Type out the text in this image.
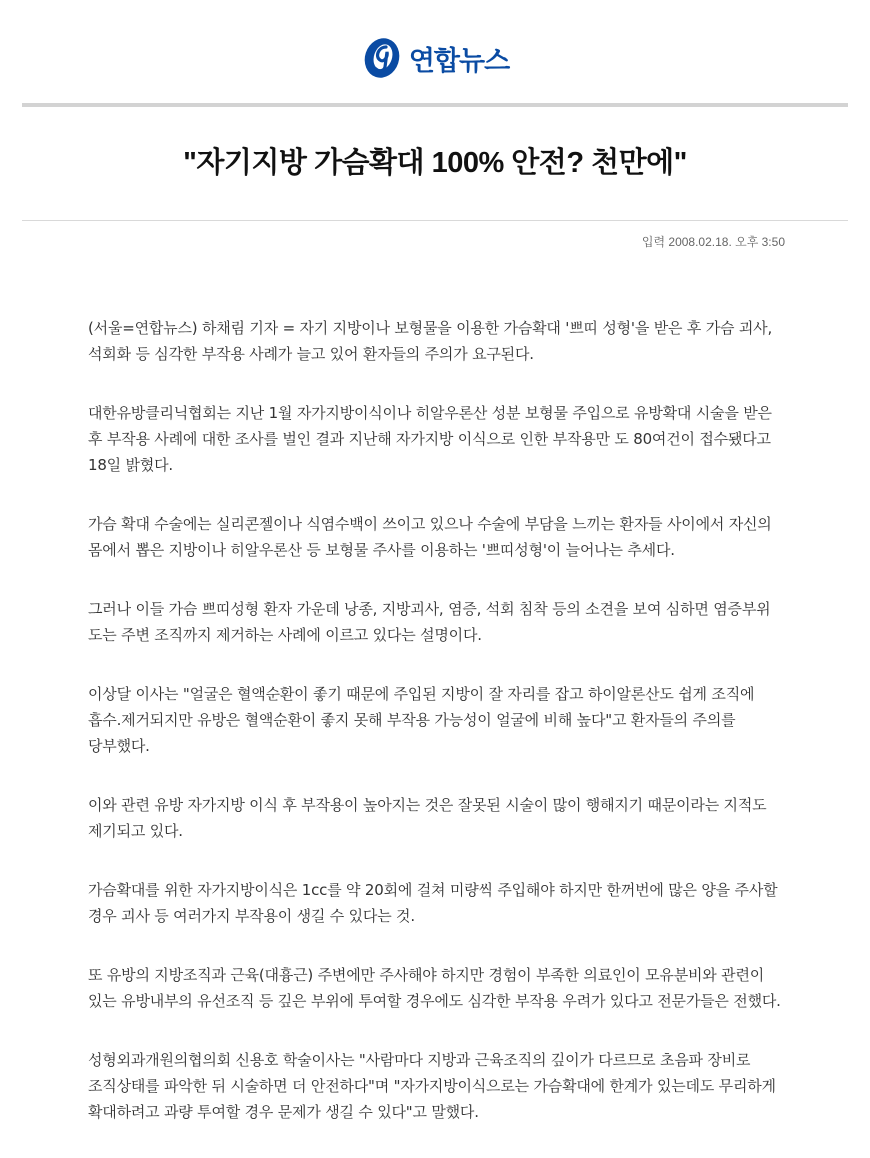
연합뉴스
"자기지방 가슴확대 100% 안전? 천만에"
입력 2008.02.18. 오후 3:50

(서울=연합뉴스) 하채림 기자 = 자기 지방이나 보형물을 이용한 가슴확대 '쁘띠 성형'을 받은 후 가슴 괴사, 석회화 등 심각한 부작용 사례가 늘고 있어 환자들의 주의가 요구된다.

대한유방클리닉협회는 지난 1월 자가지방이식이나 히알우론산 성분 보형물 주입으로 유방확대 시술을 받은 후 부작용 사례에 대한 조사를 벌인 결과 지난해 자가지방 이식으로 인한 부작용만 도 80여건이 접수됐다고 18일 밝혔다.

가슴 확대 수술에는 실리콘젤이나 식염수백이 쓰이고 있으나 수술에 부담을 느끼는 환자들 사이에서 자신의 몸에서 뽑은 지방이나 히알우론산 등 보형물 주사를 이용하는 '쁘띠성형'이 늘어나는 추세다.

그러나 이들 가슴 쁘띠성형 환자 가운데 낭종, 지방괴사, 염증, 석회 침착 등의 소견을 보여 심하면 염증부위 도는 주변 조직까지 제거하는 사례에 이르고 있다는 설명이다.

이상달 이사는 "얼굴은 혈액순환이 좋기 때문에 주입된 지방이 잘 자리를 잡고 하이알론산도 쉽게 조직에 흡수.제거되지만 유방은 혈액순환이 좋지 못해 부작용 가능성이 얼굴에 비해 높다"고 환자들의 주의를 당부했다.

이와 관련 유방 자가지방 이식 후 부작용이 높아지는 것은 잘못된 시술이 많이 행해지기 때문이라는 지적도 제기되고 있다.

가슴확대를 위한 자가지방이식은 1cc를 약 20회에 걸쳐 미량씩 주입해야 하지만 한꺼번에 많은 양을 주사할 경우 괴사 등 여러가지 부작용이 생길 수 있다는 것.

또 유방의 지방조직과 근육(대흉근) 주변에만 주사해야 하지만 경험이 부족한 의료인이 모유분비와 관련이 있는 유방내부의 유선조직 등 깊은 부위에 투여할 경우에도 심각한 부작용 우려가 있다고 전문가들은 전했다.

성형외과개원의협의회 신용호 학술이사는 "사람마다 지방과 근육조직의 깊이가 다르므로 초음파 장비로 조직상태를 파악한 뒤 시술하면 더 안전하다"며 "자가지방이식으로는 가슴확대에 한계가 있는데도 무리하게 확대하려고 과량 투여할 경우 문제가 생길 수 있다"고 말했다.
